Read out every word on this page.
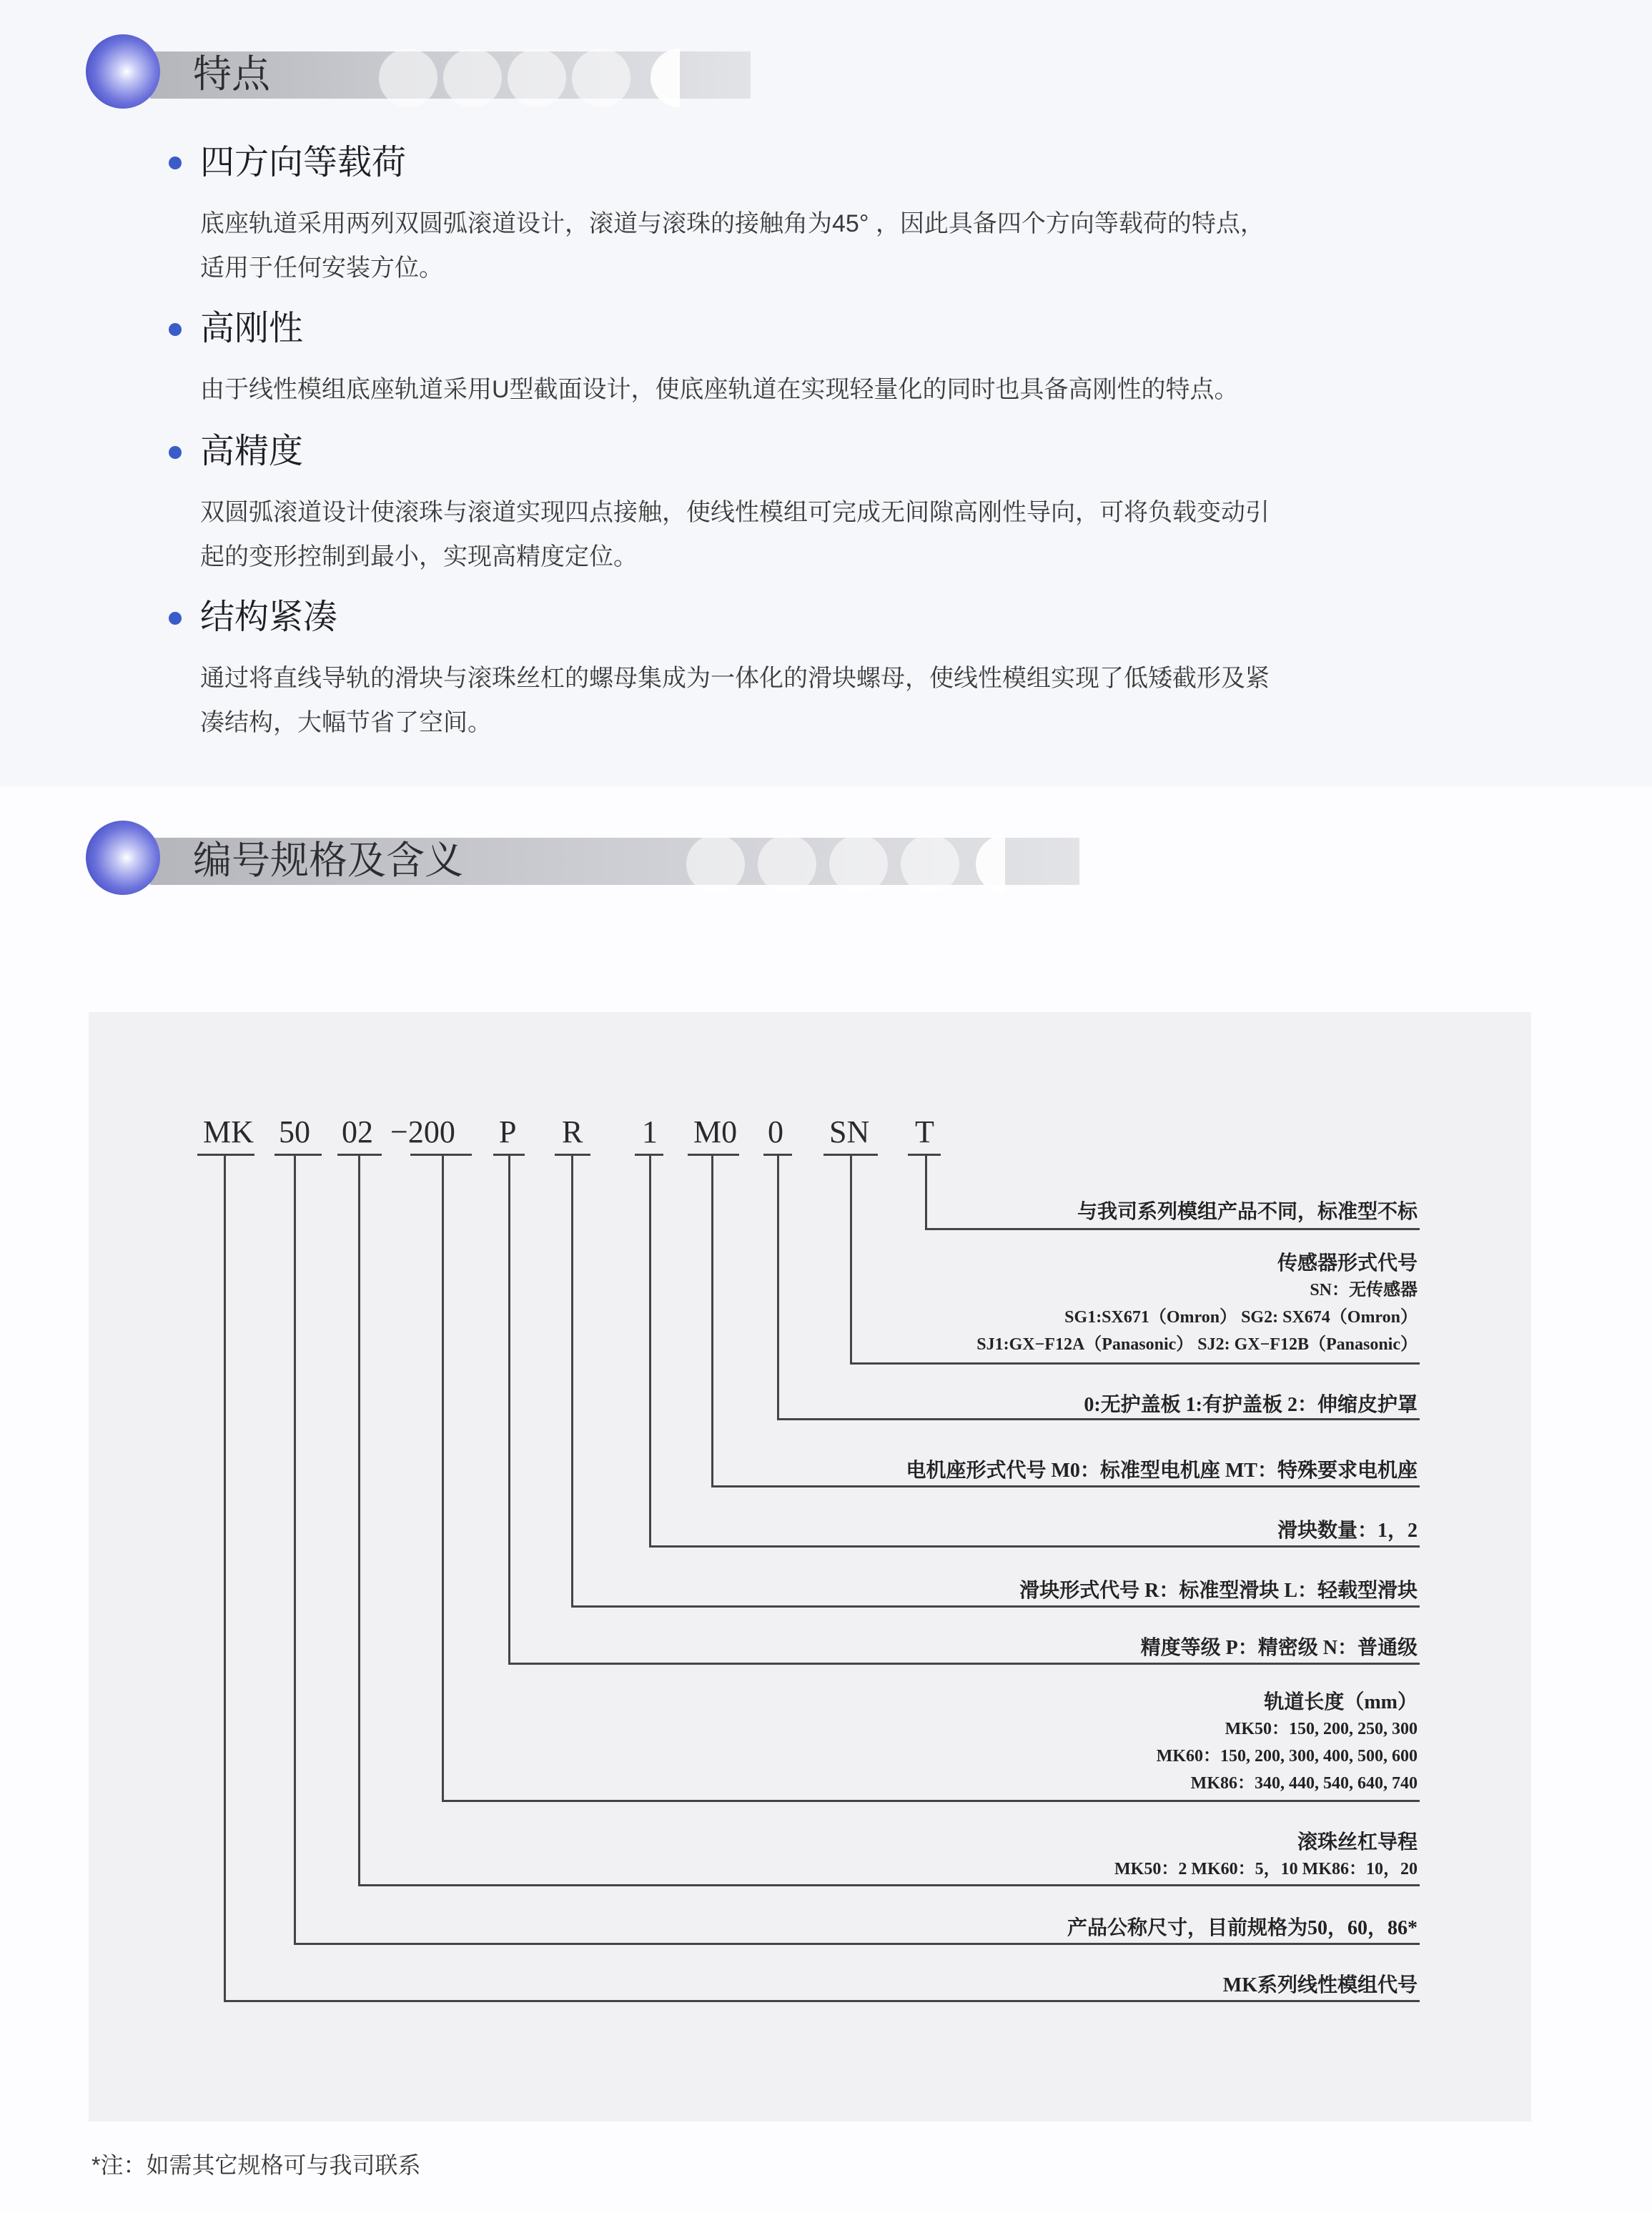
特点
四方向等载荷
底座轨道采用两列双圆弧滚道设计，滚道与滚珠的接触角为45° ，因此具备四个方向等载荷的特点，
适用于任何安装方位。
高刚性
由于线性模组底座轨道采用U型截面设计，使底座轨道在实现轻量化的同时也具备高刚性的特点。
高精度
双圆弧滚道设计使滚珠与滚道实现四点接触，使线性模组可完成无间隙高刚性导向，可将负载变动引
起的变形控制到最小，实现高精度定位。
结构紧凑
通过将直线导轨的滑块与滚珠丝杠的螺母集成为一体化的滑块螺母，使线性模组实现了低矮截形及紧
凑结构，大幅节省了空间。
编号规格及含义
MK 50 02 −200 P R 1 M0 0 SN T
与我司系列模组产品不同，标准型不标
传感器形式代号
SN：无传感器
SG1:SX671（Omron） SG2: SX674（Omron）
SJ1:GX−F12A（Panasonic） SJ2: GX−F12B（Panasonic）
0:无护盖板 1:有护盖板 2：伸缩皮护罩
电机座形式代号 M0：标准型电机座 MT：特殊要求电机座
滑块数量：1，2
滑块形式代号 R：标准型滑块 L：轻载型滑块
精度等级 P：精密级 N：普通级
轨道长度（mm）
MK50：150, 200, 250, 300
MK60：150, 200, 300, 400, 500, 600
MK86：340, 440, 540, 640, 740
滚珠丝杠导程
MK50：2 MK60：5，10 MK86：10，20
产品公称尺寸，目前规格为50，60，86*
MK系列线性模组代号
*注：如需其它规格可与我司联系
